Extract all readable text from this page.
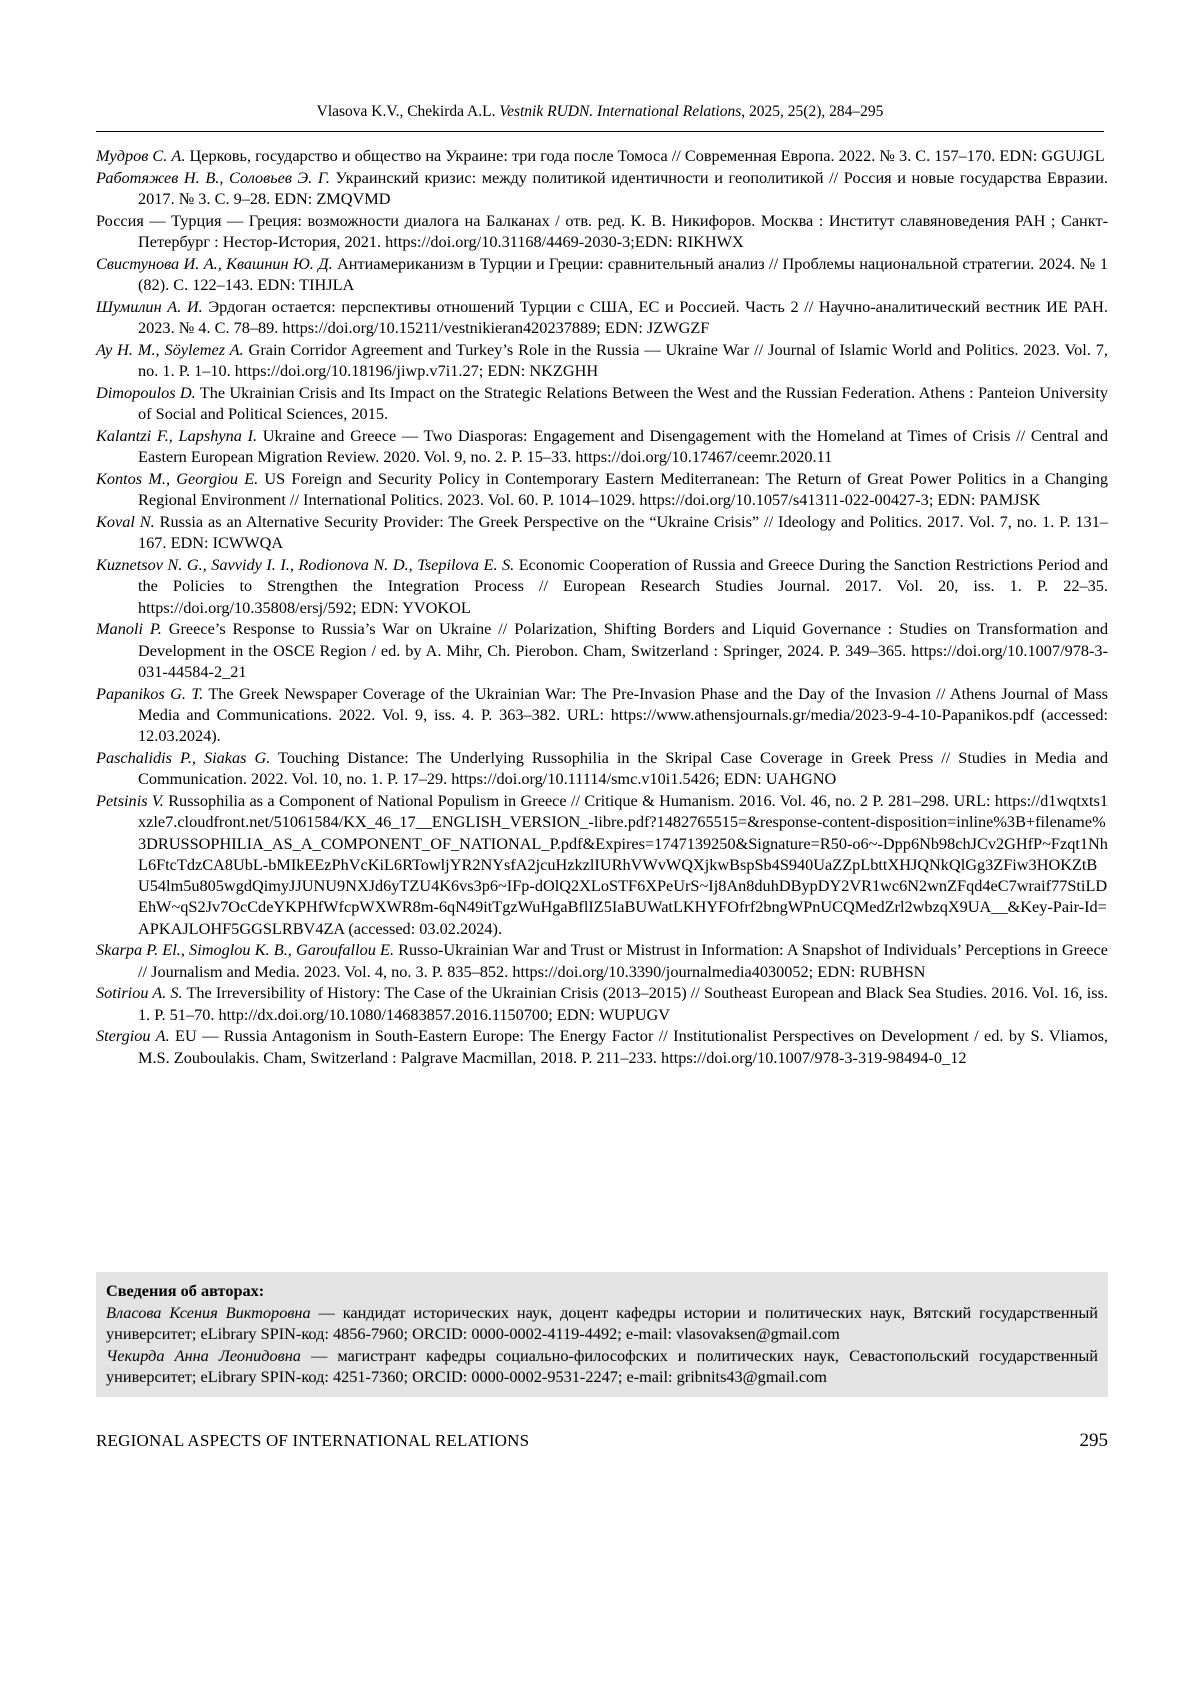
Vlasova K.V., Chekirda A.L. Vestnik RUDN. International Relations, 2025, 25(2), 284–295

Мудров С. А. Церковь, государство и общество на Украине: три года после Томоса // Современная Европа. 2022. № 3. С. 157–170. EDN: GGUJGL

Работяжев Н. В., Соловьев Э. Г. Украинский кризис: между политикой идентичности и геополитикой // Россия и новые государства Евразии. 2017. № 3. С. 9–28. EDN: ZMQVMD

Россия — Турция — Греция: возможности диалога на Балканах / отв. ред. К. В. Никифоров. Москва : Институт славяноведения РАН ; Санкт-Петербург : Нестор-История, 2021. https://doi.org/10.31168/4469-2030-3;EDN: RIKHWX

Свистунова И. А., Квашнин Ю. Д. Антиамериканизм в Турции и Греции: сравнительный анализ // Проблемы национальной стратегии. 2024. № 1 (82). С. 122–143. EDN: TIHJLA

Шумилин А. И. Эрдоган остается: перспективы отношений Турции с США, ЕС и Россией. Часть 2 // Научно-аналитический вестник ИЕ РАН. 2023. № 4. С. 78–89. https://doi.org/10.15211/vestnikieran420237889; EDN: JZWGZF

Ay H. M., Söylemez A. Grain Corridor Agreement and Turkey’s Role in the Russia — Ukraine War // Journal of Islamic World and Politics. 2023. Vol. 7, no. 1. P. 1–10. https://doi.org/10.18196/jiwp.v7i1.27; EDN: NKZGHH

Dimopoulos D. The Ukrainian Crisis and Its Impact on the Strategic Relations Between the West and the Russian Federation. Athens : Panteion University of Social and Political Sciences, 2015.

Kalantzi F., Lapshyna I. Ukraine and Greece — Two Diasporas: Engagement and Disengagement with the Homeland at Times of Crisis // Central and Eastern European Migration Review. 2020. Vol. 9, no. 2. P. 15–33. https://doi.org/10.17467/ceemr.2020.11

Kontos M., Georgiou E. US Foreign and Security Policy in Contemporary Eastern Mediterranean: The Return of Great Power Politics in a Changing Regional Environment // International Politics. 2023. Vol. 60. P. 1014–1029. https://doi.org/10.1057/s41311-022-00427-3; EDN: PAMJSK

Koval N. Russia as an Alternative Security Provider: The Greek Perspective on the “Ukraine Crisis” // Ideology and Politics. 2017. Vol. 7, no. 1. P. 131–167. EDN: ICWWQA

Kuznetsov N. G., Savvidy I. I., Rodionova N. D., Tsepilova E. S. Economic Cooperation of Russia and Greece During the Sanction Restrictions Period and the Policies to Strengthen the Integration Process // European Research Studies Journal. 2017. Vol. 20, iss. 1. P. 22–35. https://doi.org/10.35808/ersj/592; EDN: YVOKOL

Manoli P. Greece’s Response to Russia’s War on Ukraine // Polarization, Shifting Borders and Liquid Governance : Studies on Transformation and Development in the OSCE Region / ed. by A. Mihr, Ch. Pierobon. Cham, Switzerland : Springer, 2024. P. 349–365. https://doi.org/10.1007/978-3-031-44584-2_21

Papanikos G. T. The Greek Newspaper Coverage of the Ukrainian War: The Pre-Invasion Phase and the Day of the Invasion // Athens Journal of Mass Media and Communications. 2022. Vol. 9, iss. 4. P. 363–382. URL: https://www.athensjournals.gr/media/2023-9-4-10-Papanikos.pdf (accessed: 12.03.2024).

Paschalidis P., Siakas G. Touching Distance: The Underlying Russophilia in the Skripal Case Coverage in Greek Press // Studies in Media and Communication. 2022. Vol. 10, no. 1. P. 17–29. https://doi.org/10.11114/smc.v10i1.5426; EDN: UAHGNO

Petsinis V. Russophilia as a Component of National Populism in Greece // Critique & Humanism. 2016. Vol. 46, no. 2 P. 281–298. URL: https://d1wqtxts1xzle7.cloudfront.net/51061584/KX_46_17__ENGLISH_VERSION_-libre.pdf?1482765515=&response-content-disposition=inline%3B+filename%3DRUSSOPHILIA_AS_A_COMPONENT_OF_NATIONAL_P.pdf&Expires=1747139250&Signature=R50-o6~-Dpp6Nb98chJCv2GHfP~Fzqt1NhL6FtcTdzCA8UbL-bMIkEEzPhVcKiL6RTowljYR2NYsfA2jcuHzkzlIURhVWvWQXjkwBspSb4S940UaZZpLbttXHJQNkQlGg3ZFiw3HOKZtBU54lm5u805wgdQimyJJUNU9NXJd6yTZU4K6vs3p6~IFp-dOlQ2XLoSTF6XPeUrS~Ij8An8duhDBypDY2VR1wc6N2wnZFqd4eC7wraif77StiLDEhW~qS2Jv7OcCdeYKPHfWfcpWXWR8m-6qN49itTgzWuHgaBflIZ5IaBUWatLKHYFOfrf2bngWPnUCQMedZrl2wbzqX9UA__&Key-Pair-Id=APKAJLOHF5GGSLRBV4ZA (accessed: 03.02.2024).

Skarpa P. El., Simoglou K. B., Garoufallou E. Russo-Ukrainian War and Trust or Mistrust in Information: A Snapshot of Individuals’ Perceptions in Greece // Journalism and Media. 2023. Vol. 4, no. 3. P. 835–852. https://doi.org/10.3390/journalmedia4030052; EDN: RUBHSN

Sotiriou A. S. The Irreversibility of History: The Case of the Ukrainian Crisis (2013–2015) // Southeast European and Black Sea Studies. 2016. Vol. 16, iss. 1. P. 51–70. http://dx.doi.org/10.1080/14683857.2016.1150700; EDN: WUPUGV

Stergiou A. EU — Russia Antagonism in South-Eastern Europe: The Energy Factor // Institutionalist Perspectives on Development / ed. by S. Vliamos, M.S. Zouboulakis. Cham, Switzerland : Palgrave Macmillan, 2018. P. 211–233. https://doi.org/10.1007/978-3-319-98494-0_12

Сведения об авторах:

Власова Ксения Викторовна — кандидат исторических наук, доцент кафедры истории и политических наук, Вятский государственный университет; eLibrary SPIN-код: 4856-7960; ORCID: 0000-0002-4119-4492; e-mail: vlasovaksen@gmail.com

Чекирда Анна Леонидовна — магистрант кафедры социально-философских и политических наук, Севастопольский государственный университет; eLibrary SPIN-код: 4251-7360; ORCID: 0000-0002-9531-2247; e-mail: gribnits43@gmail.com

REGIONAL ASPECTS OF INTERNATIONAL RELATIONS	295
